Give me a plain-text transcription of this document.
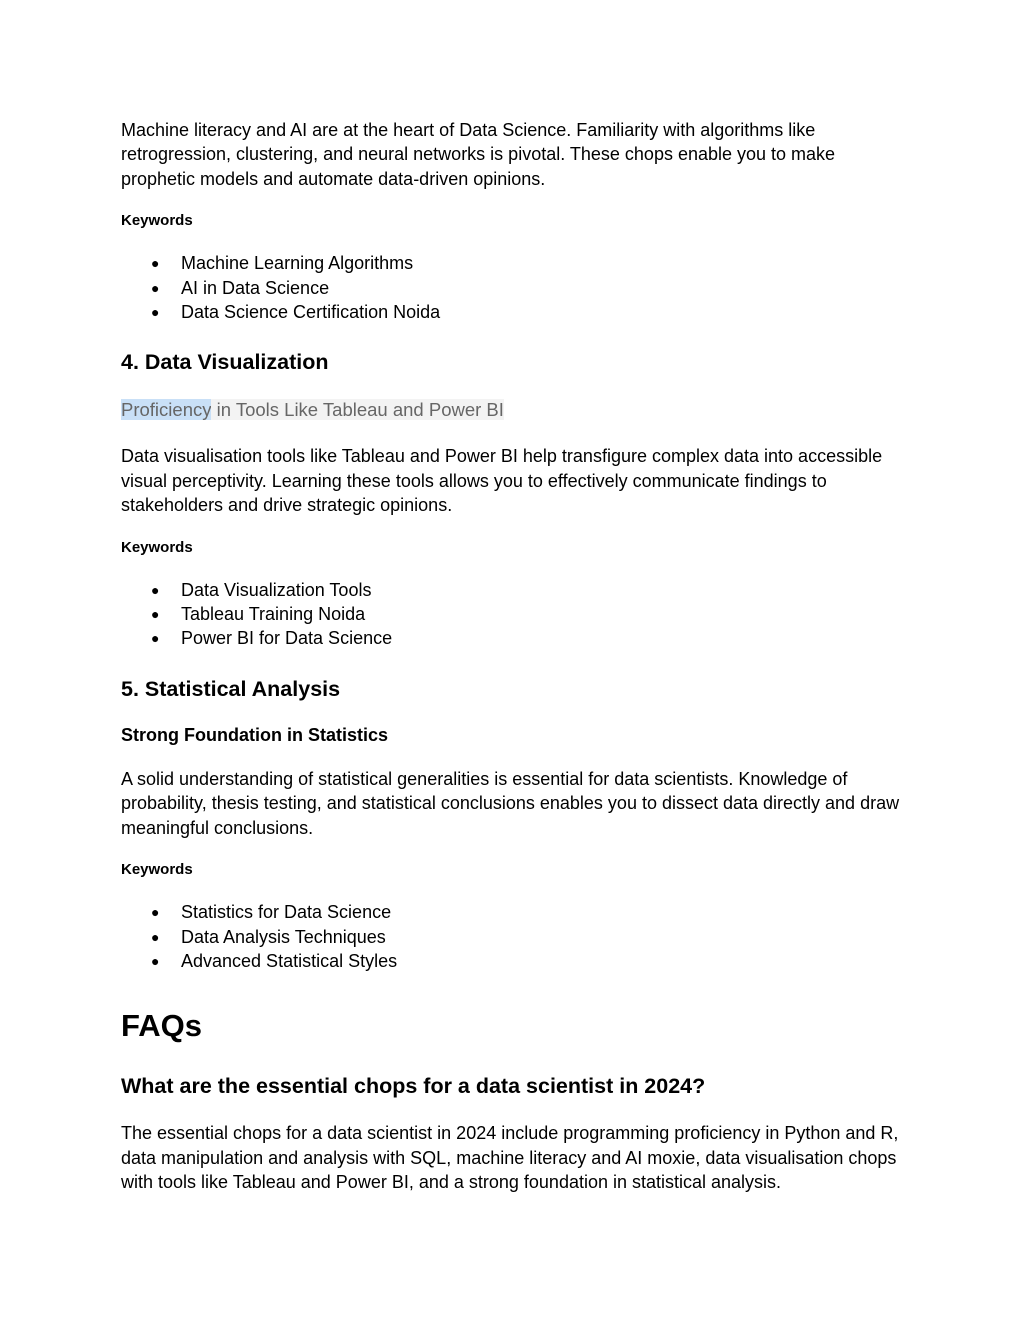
Machine literacy and AI are at the heart of Data Science. Familiarity with algorithms like retrogression, clustering, and neural networks is pivotal. These chops enable you to make prophetic models and automate data-driven opinions.

Keywords

● Machine Learning Algorithms
● AI in Data Science
● Data Science Certification Noida
4. Data Visualization
Proficiency in Tools Like Tableau and Power BI

Data visualisation tools like Tableau and Power BI help transfigure complex data into accessible visual perceptivity. Learning these tools allows you to effectively communicate findings to stakeholders and drive strategic opinions.

Keywords

● Data Visualization Tools
● Tableau Training Noida
● Power BI for Data Science
5. Statistical Analysis
Strong Foundation in Statistics

A solid understanding of statistical generalities is essential for data scientists. Knowledge of probability, thesis testing, and statistical conclusions enables you to dissect data directly and draw meaningful conclusions.

Keywords

● Statistics for Data Science
● Data Analysis Techniques
● Advanced Statistical Styles
FAQs
What are the essential chops for a data scientist in 2024?

The essential chops for a data scientist in 2024 include programming proficiency in Python and R, data manipulation and analysis with SQL, machine literacy and AI moxie, data visualisation chops with tools like Tableau and Power BI, and a strong foundation in statistical analysis.
